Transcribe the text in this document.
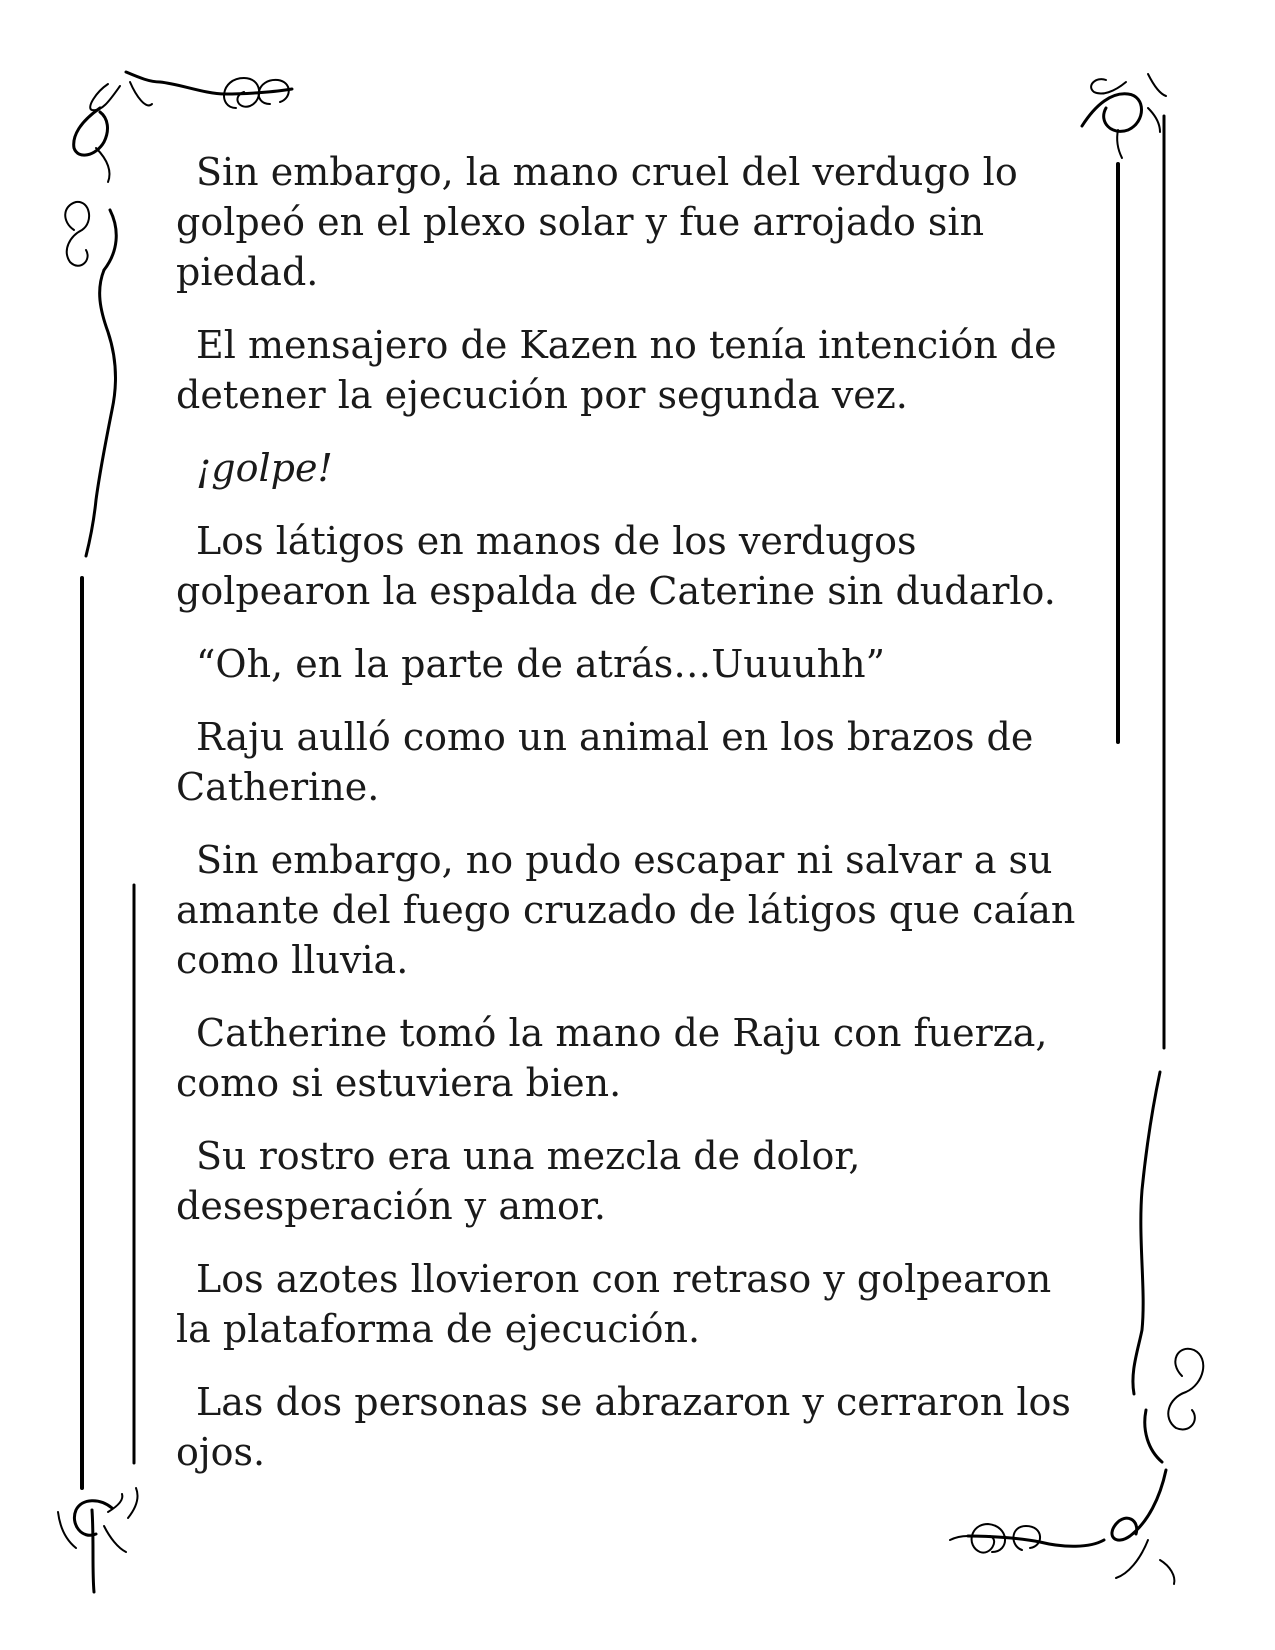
Sin embargo, la mano cruel del verdugo lo golpeó en el plexo solar y fue arrojado sin piedad.

El mensajero de Kazen no tenía intención de detener la ejecución por segunda vez.

¡golpe!

Los látigos en manos de los verdugos golpearon la espalda de Caterine sin dudarlo.

“Oh, en la parte de atrás…Uuuuhh”

Raju aulló como un animal en los brazos de Catherine.

Sin embargo, no pudo escapar ni salvar a su amante del fuego cruzado de látigos que caían como lluvia.

Catherine tomó la mano de Raju con fuerza, como si estuviera bien.

Su rostro era una mezcla de dolor, desesperación y amor.

Los azotes llovieron con retraso y golpearon la plataforma de ejecución.

Las dos personas se abrazaron y cerraron los ojos.
